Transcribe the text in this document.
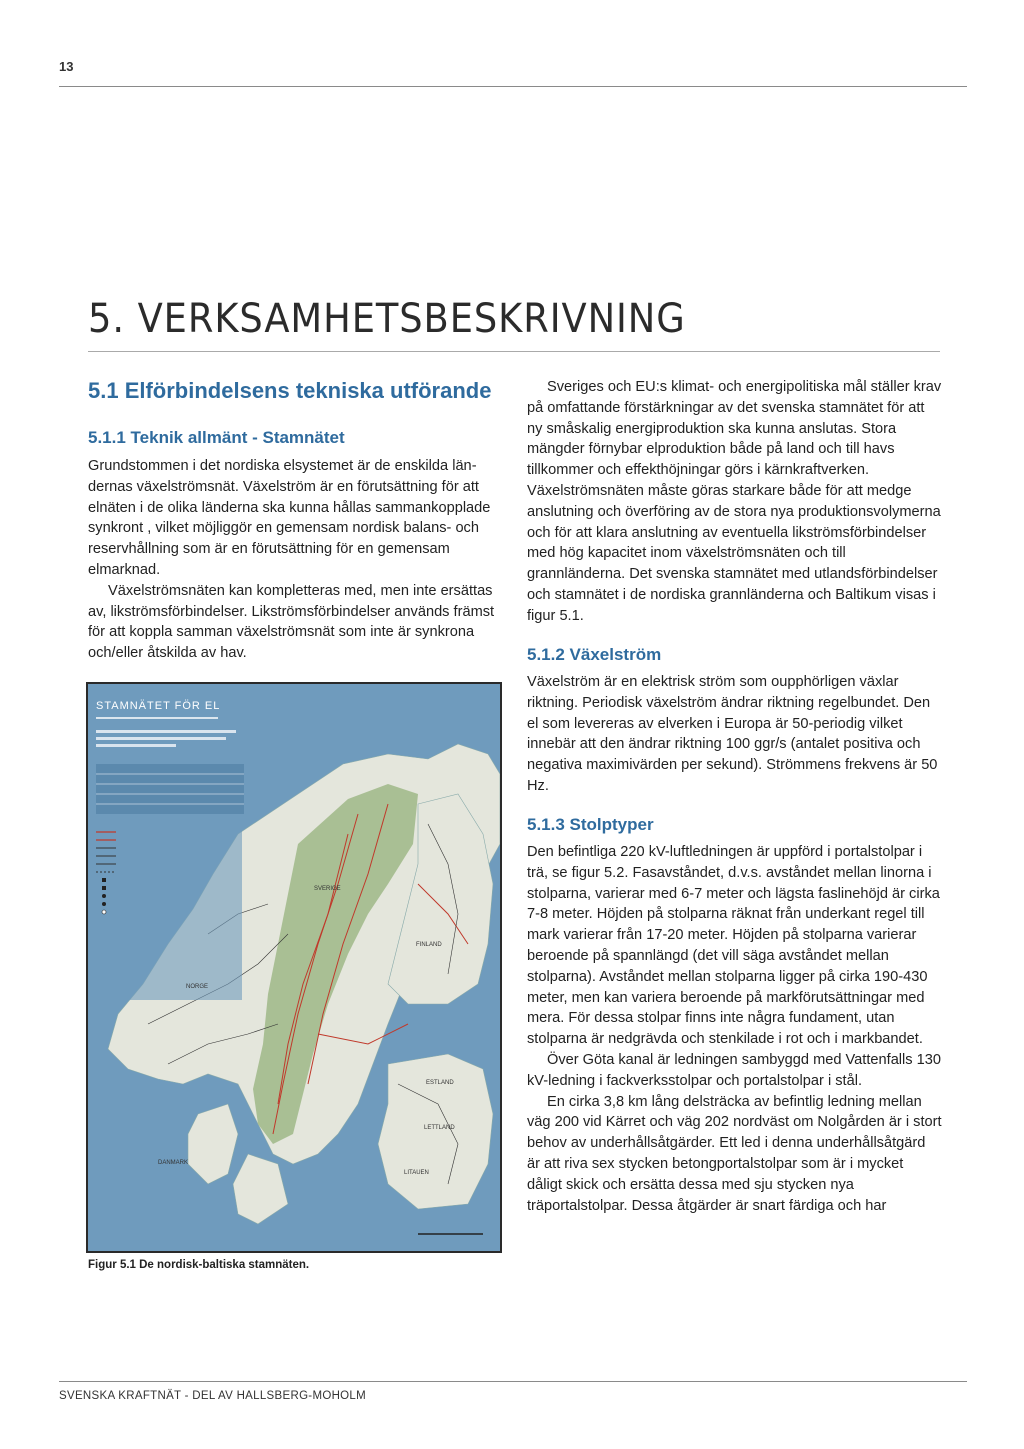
13
5. VERKSAMHETSBESKRIVNING
5.1 Elförbindelsens tekniska utförande
5.1.1 Teknik allmänt - Stamnätet

Grundstommen i det nordiska elsystemet är de enskilda ländernas växelströmsnät. Växelström är en förutsättning för att elnäten i de olika länderna ska kunna hållas sammankopplade synkront , vilket möjliggör en gemensam nordisk balans- och reservhållning som är en förutsättning för en gemensam elmarknad.

Växelströmsnäten kan kompletteras med, men inte ersättas av, likströmsförbindelser. Likströmsförbindelser används främst för att koppla samman växelströmsnät som inte är synkrona och/eller åtskilda av hav.

Sveriges och EU:s klimat- och energipolitiska mål ställer krav på omfattande förstärkningar av det svenska stamnätet för att ny småskalig energiproduktion ska kunna anslutas. Stora mängder förnybar elproduktion både på land och till havs tillkommer och effekthöjningar görs i kärnkraftverken. Växelströmsnäten måste göras starkare både för att medge anslutning och överföring av de stora nya produktionsvolymerna och för att klara anslutning av eventuella likströmsförbindelser med hög kapacitet inom växelströmsnäten och till grannländerna. Det svenska stamnätet med utlandsförbindelser och stamnätet i de nordiska grannländerna och Baltikum visas i figur 5.1.

5.1.2 Växelström

Växelström är en elektrisk ström som oupphörligen växlar riktning. Periodisk växelström ändrar riktning regelbundet. Den el som levereras av elverken i Europa är 50-periodig vilket innebär att den ändrar riktning 100 ggr/s (antalet positiva och negativa maximivärden per sekund). Strömmens frekvens är 50 Hz.

5.1.3 Stolptyper

Den befintliga 220 kV-luftledningen är uppförd i portalstolpar i trä, se figur 5.2. Fasavståndet, d.v.s. avståndet mellan linorna i stolparna, varierar med 6-7 meter och lägsta faslinehöjd är cirka 7-8 meter. Höjden på stolparna räknat från underkant regel till mark varierar från 17-20 meter. Höjden på stolparna varierar beroende på spannlängd (det vill säga avståndet mellan stolparna). Avståndet mellan stolparna ligger på cirka 190-430 meter, men kan variera beroende på markförutsättningar med mera. För dessa stolpar finns inte några fundament, utan stolparna är nedgrävda och stenkilade i rot och i markbandet.

Över Göta kanal är ledningen sambyggd med Vattenfalls 130 kV-ledning i fackverksstolpar och portalstolpar i stål.

En cirka 3,8 km lång delsträcka av befintlig ledning mellan väg 200 vid Kärret och väg 202 nordväst om Nolgården är i stort behov av underhållsåtgärder. Ett led i denna underhållsåtgärd är att riva sex stycken betongportalstolpar som är i mycket dåligt skick och ersätta dessa med sju stycken nya träportalstolpar. Dessa åtgärder är snart färdiga och har

NORGE
SVERIGE
FINLAND
ESTLAND
LETTLAND
LITAUEN
DANMARK
STAMNÄTET FÖR EL
Figur 5.1 De nordisk-baltiska stamnäten.
SVENSKA KRAFTNÄT - DEL AV HALLSBERG-MOHOLM
